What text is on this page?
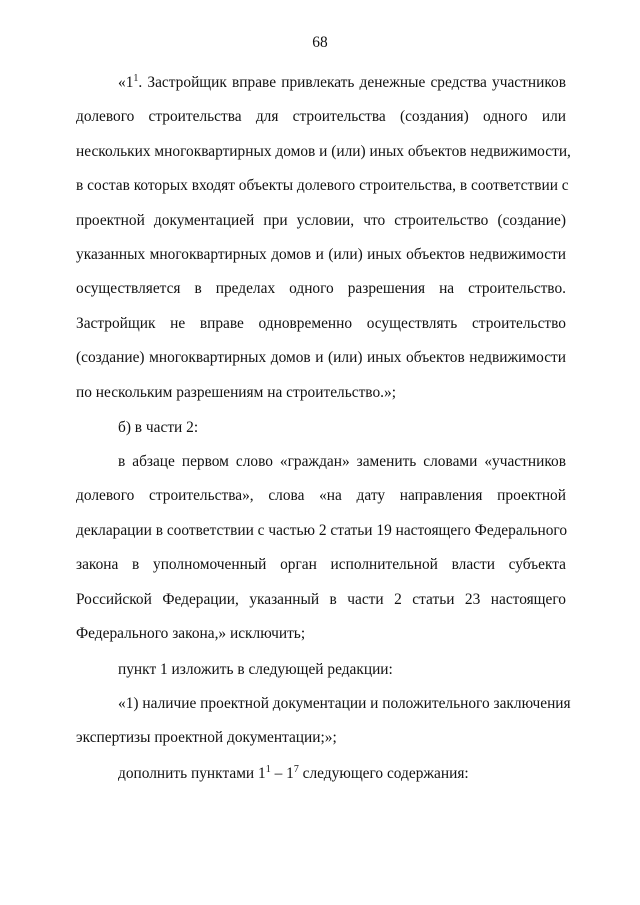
68
«$1^1$. Застройщик вправе привлекать денежные средства участников
долевого строительства для строительства (создания) одного или
нескольких многоквартирных домов и (или) иных объектов недвижимости,
в состав которых входят объекты долевого строительства, в соответствии с
проектной документацией при условии, что строительство (создание)
указанных многоквартирных домов и (или) иных объектов недвижимости
осуществляется в пределах одного разрешения на строительство.
Застройщик не вправе одновременно осуществлять строительство
(создание) многоквартирных домов и (или) иных объектов недвижимости
по нескольким разрешениям на строительство.»;
б) в части 2:
в абзаце первом слово «граждан» заменить словами «участников
долевого строительства», слова «на дату направления проектной
декларации в соответствии с частью 2 статьи 19 настоящего Федерального
закона в уполномоченный орган исполнительной власти субъекта
Российской Федерации, указанный в части 2 статьи 23 настоящего
Федерального закона,» исключить;
пункт 1 изложить в следующей редакции:
«1) наличие проектной документации и положительного заключения
экспертизы проектной документации;»;
дополнить пунктами $1^1 - 1^7$ следующего содержания:
